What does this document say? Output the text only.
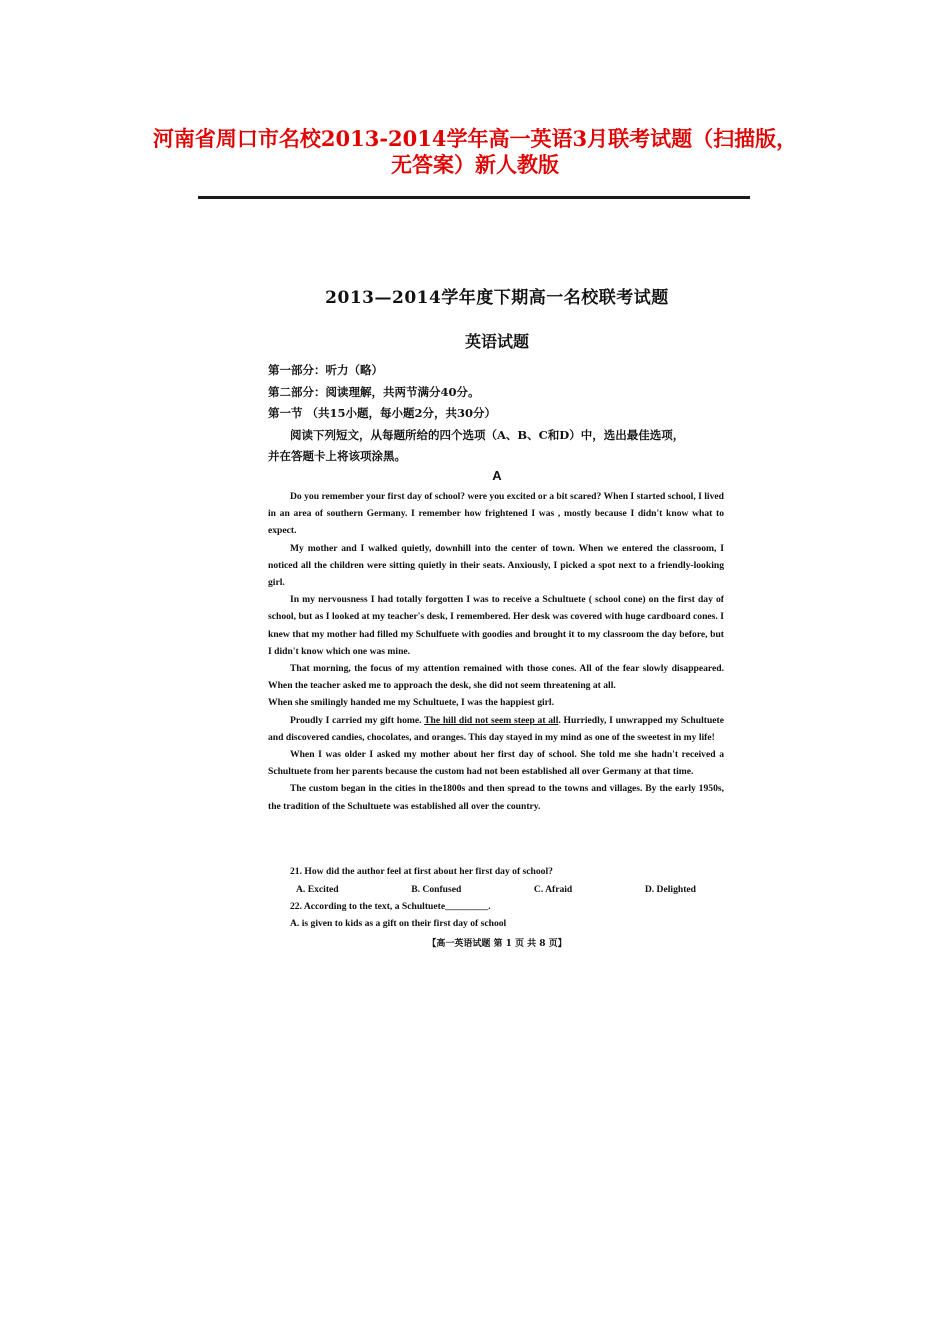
河南省周口市名校2013-2014学年高一英语3月联考试题（扫描版，
无答案）新人教版
2013—2014学年度下期高一名校联考试题
英语试题
第一部分：听力（略）
第二部分：阅读理解，共两节满分40分。
第一节 （共15小题，每小题2分，共30分）
阅读下列短文，从每题所给的四个选项（A、B、C和D）中，选出最佳选项，
并在答题卡上将该项涂黑。
A

Do you remember your first day of school? were you excited or a bit scared? When I started school, I lived in an area of southern Germany. I remember how frightened I was , mostly because I didn't know what to expect.

My mother and I walked quietly, downhill into the center of town. When we entered the classroom, I noticed all the children were sitting quietly in their seats. Anxiously, I picked a spot next to a friendly-looking girl.

In my nervousness I had totally forgotten I was to receive a Schultuete ( school cone) on the first day of school, but as I looked at my teacher's desk, I remembered. Her desk was covered with huge cardboard cones. I knew that my mother had filled my Schulfuete with goodies and brought it to my classroom the day before, but I didn't know which one was mine.

That morning, the focus of my attention remained with those cones. All of the fear slowly disappeared. When the teacher asked me to approach the desk, she did not seem threatening at all.

When she smilingly handed me my Schultuete, I was the happiest girl.

Proudly I carried my gift home. The hill did not seem steep at all. Hurriedly, I unwrapped my Schultuete and discovered candies, chocolates, and oranges. This day stayed in my mind as one of the sweetest in my life!

When I was older I asked my mother about her first day of school. She told me she hadn't received a Schultuete from her parents because the custom had not been established all over Germany at that time.

The custom began in the cities in the1800s and then spread to the towns and villages. By the early 1950s, the tradition of the Schultuete was established all over the country.

21. How did the author feel at first about her first day of school?
A. Excited	B. Confused	C. Afraid	D. Delighted
22. According to the text, a Schultuete_________.
A. is given to kids as a gift on their first day of school
【高一英语试题 第 1 页 共 8 页】
